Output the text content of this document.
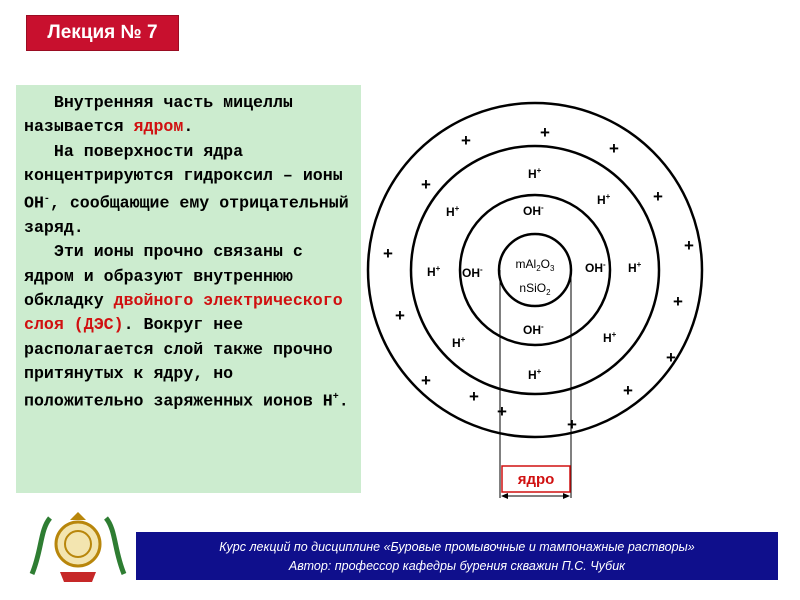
Лекция № 7

Внутренняя часть мицеллы называется ядром.

На поверхности ядра концентрируются гидроксил – ионы ОН-, сообщающие ему отрицательный заряд.

Эти ионы прочно связаны с ядром и образуют внутреннюю обкладку двойного электрического слоя (ДЭС). Вокруг нее располагается слой также прочно притянутых к ядру, но положительно заряженных ионов Н+.

$mAl_2O_3$
nSiO$_2$
OH-
OH-	OH-
OH-
H+
H+
H+
H+	H+
H+	H+
H+
+	+
+
+
+
+	+
+
+
+
+
+	+
+
+
ядро
Курс лекций по дисциплине «Буровые промывочные и тампонажные растворы»
Автор: профессор кафедры бурения скважин П.С. Чубик
